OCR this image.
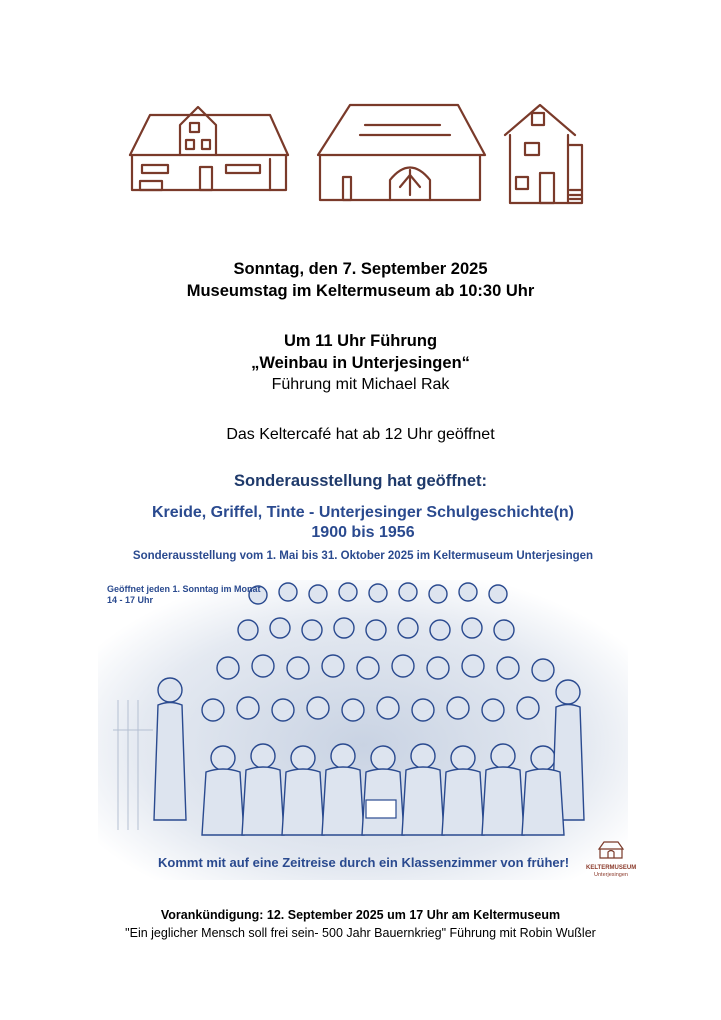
Sonntag, den 7. September 2025
Museumstag im Keltermuseum ab 10:30 Uhr
Um 11 Uhr Führung
„Weinbau in Unterjesingen“
Führung mit Michael Rak
Das Keltercafé hat ab 12 Uhr geöffnet
Sonderausstellung hat geöffnet:
Kreide, Griffel, Tinte - Unterjesinger Schulgeschichte(n)
1900 bis 1956
Sonderausstellung vom 1. Mai bis 31. Oktober 2025 im Keltermuseum Unterjesingen
Geöffnet jeden 1. Sonntag im Monat
14 - 17 Uhr
Kommt mit auf eine Zeitreise durch ein Klassenzimmer von früher!	KELTERMUSEUM
Unterjesingen
Vorankündigung: 12. September 2025 um 17 Uhr am Keltermuseum
"Ein jeglicher Mensch soll frei sein- 500 Jahr Bauernkrieg" Führung mit Robin Wußler
